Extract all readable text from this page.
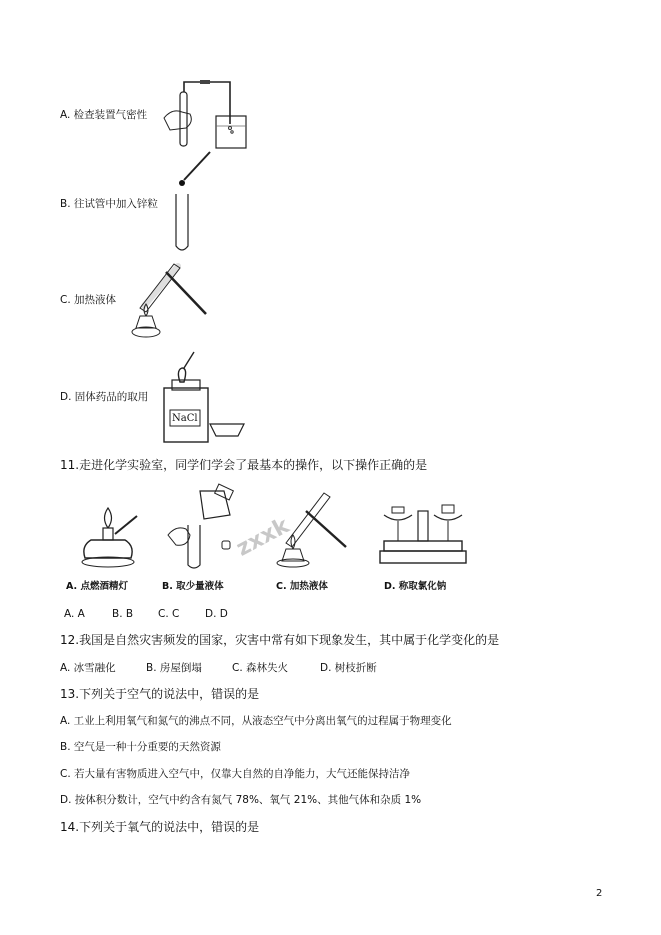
A. 检查装置气密性
B. 往试管中加入锌粒
C. 加热液体
D. 固体药品的取用
NaCl
11.走进化学实验室，同学们学会了最基本的操作，以下操作正确的是
A. 点燃酒精灯	B. 取少量液体
zxxk
C. 加热液体	D. 称取氯化钠
A. A	B. B C. C D. D
12.我国是自然灾害频发的国家，灾害中常有如下现象发生，其中属于化学变化的是
A. 冰雪融化	B. 房屋倒塌	C. 森林失火	D. 树枝折断
13.下列关于空气的说法中，错误的是
A. 工业上利用氧气和氮气的沸点不同，从液态空气中分离出氧气的过程属于物理变化
B. 空气是一种十分重要的天然资源
C. 若大量有害物质进入空气中，仅靠大自然的自净能力，大气还能保持洁净
D. 按体积分数计，空气中约含有氮气 78%、氧气 21%、其他气体和杂质 1%
14.下列关于氧气的说法中，错误的是
2
